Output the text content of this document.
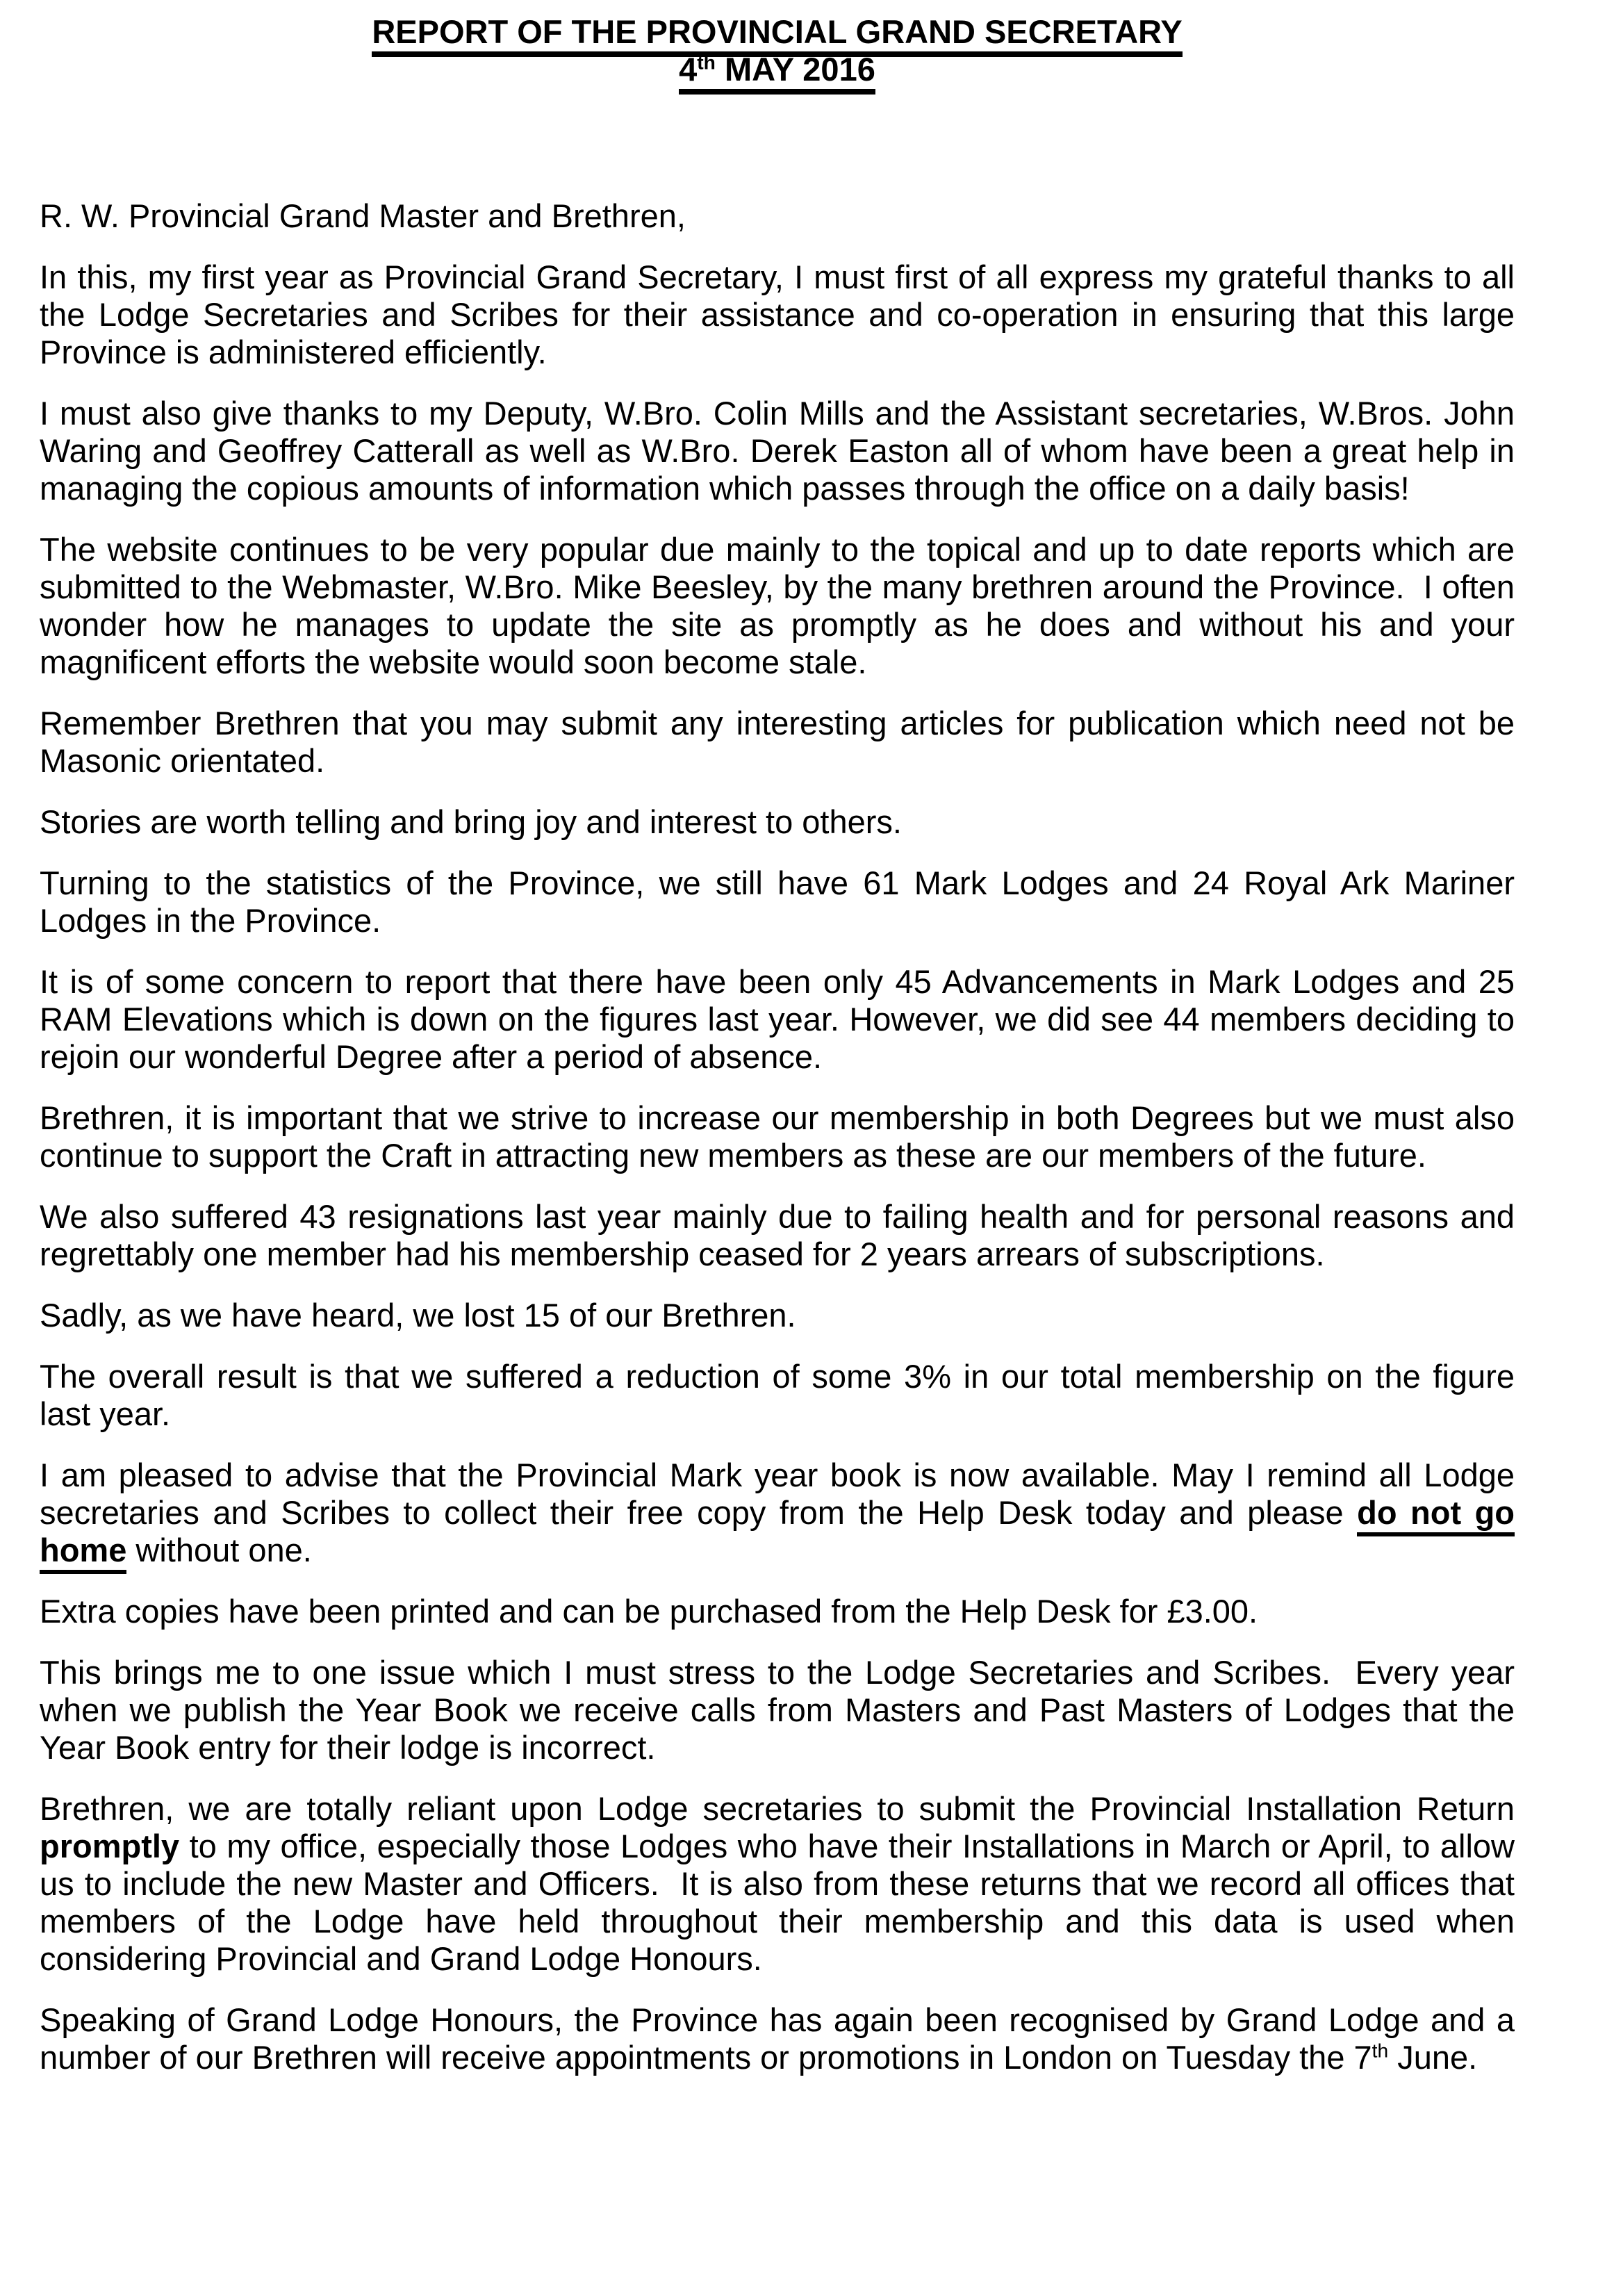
REPORT OF THE PROVINCIAL GRAND SECRETARY
4th MAY 2016

R. W. Provincial Grand Master and Brethren,

In this, my first year as Provincial Grand Secretary, I must first of all express my grateful thanks to all the Lodge Secretaries and Scribes for their assistance and co-operation in ensuring that this large Province is administered efficiently.

I must also give thanks to my Deputy, W.Bro. Colin Mills and the Assistant secretaries, W.Bros. John Waring and Geoffrey Catterall as well as W.Bro. Derek Easton all of whom have been a great help in managing the copious amounts of information which passes through the office on a daily basis!

The website continues to be very popular due mainly to the topical and up to date reports which are submitted to the Webmaster, W.Bro. Mike Beesley, by the many brethren around the Province.  I often wonder how he manages to update the site as promptly as he does and without his and your magnificent efforts the website would soon become stale.

Remember Brethren that you may submit any interesting articles for publication which need not be Masonic orientated.

Stories are worth telling and bring joy and interest to others.

Turning to the statistics of the Province, we still have 61 Mark Lodges and 24 Royal Ark Mariner Lodges in the Province.

It is of some concern to report that there have been only 45 Advancements in Mark Lodges and 25 RAM Elevations which is down on the figures last year. However, we did see 44 members deciding to rejoin our wonderful Degree after a period of absence.

Brethren, it is important that we strive to increase our membership in both Degrees but we must also continue to support the Craft in attracting new members as these are our members of the future.

We also suffered 43 resignations last year mainly due to failing health and for personal reasons and regrettably one member had his membership ceased for 2 years arrears of subscriptions.

Sadly, as we have heard, we lost 15 of our Brethren.

The overall result is that we suffered a reduction of some 3% in our total membership on the figure last year.

I am pleased to advise that the Provincial Mark year book is now available. May I remind all Lodge secretaries and Scribes to collect their free copy from the Help Desk today and please do not go home without one.

Extra copies have been printed and can be purchased from the Help Desk for £3.00.

This brings me to one issue which I must stress to the Lodge Secretaries and Scribes.  Every year when we publish the Year Book we receive calls from Masters and Past Masters of Lodges that the Year Book entry for their lodge is incorrect.

Brethren, we are totally reliant upon Lodge secretaries to submit the Provincial Installation Return promptly to my office, especially those Lodges who have their Installations in March or April, to allow us to include the new Master and Officers.  It is also from these returns that we record all offices that members of the Lodge have held throughout their membership and this data is used when considering Provincial and Grand Lodge Honours.

Speaking of Grand Lodge Honours, the Province has again been recognised by Grand Lodge and a number of our Brethren will receive appointments or promotions in London on Tuesday the 7th June.
